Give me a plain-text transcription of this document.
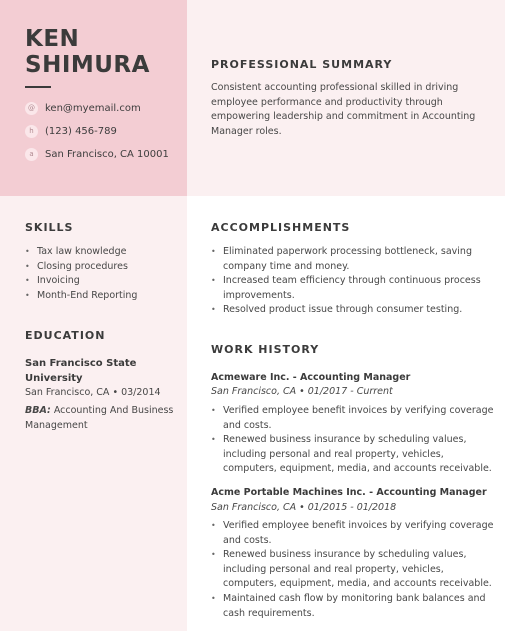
KEN
SHIMURA
@	ken@myemail.com
h	(123) 456-789
a	San Francisco, CA 10001
PROFESSIONAL SUMMARY
Consistent accounting professional skilled in driving
employee performance and productivity through
empowering leadership and commitment in Accounting
Manager roles.
SKILLS
• Tax law knowledge
• Closing procedures
• Invoicing
• Month-End Reporting
EDUCATION
San Francisco State
University
San Francisco, CA • 03/2014
BBA: Accounting And Business
Management
ACCOMPLISHMENTS
• Eliminated paperwork processing bottleneck, saving
company time and money.
• Increased team efficiency through continuous process
improvements.
• Resolved product issue through consumer testing.
WORK HISTORY
Acmeware Inc. - Accounting Manager
San Francisco, CA • 01/2017 - Current
• Verified employee benefit invoices by verifying coverage
and costs.
• Renewed business insurance by scheduling values,
including personal and real property, vehicles,
computers, equipment, media, and accounts receivable.
Acme Portable Machines Inc. - Accounting Manager
San Francisco, CA • 01/2015 - 01/2018
• Verified employee benefit invoices by verifying coverage
and costs.
• Renewed business insurance by scheduling values,
including personal and real property, vehicles,
computers, equipment, media, and accounts receivable.
• Maintained cash flow by monitoring bank balances and
cash requirements.
